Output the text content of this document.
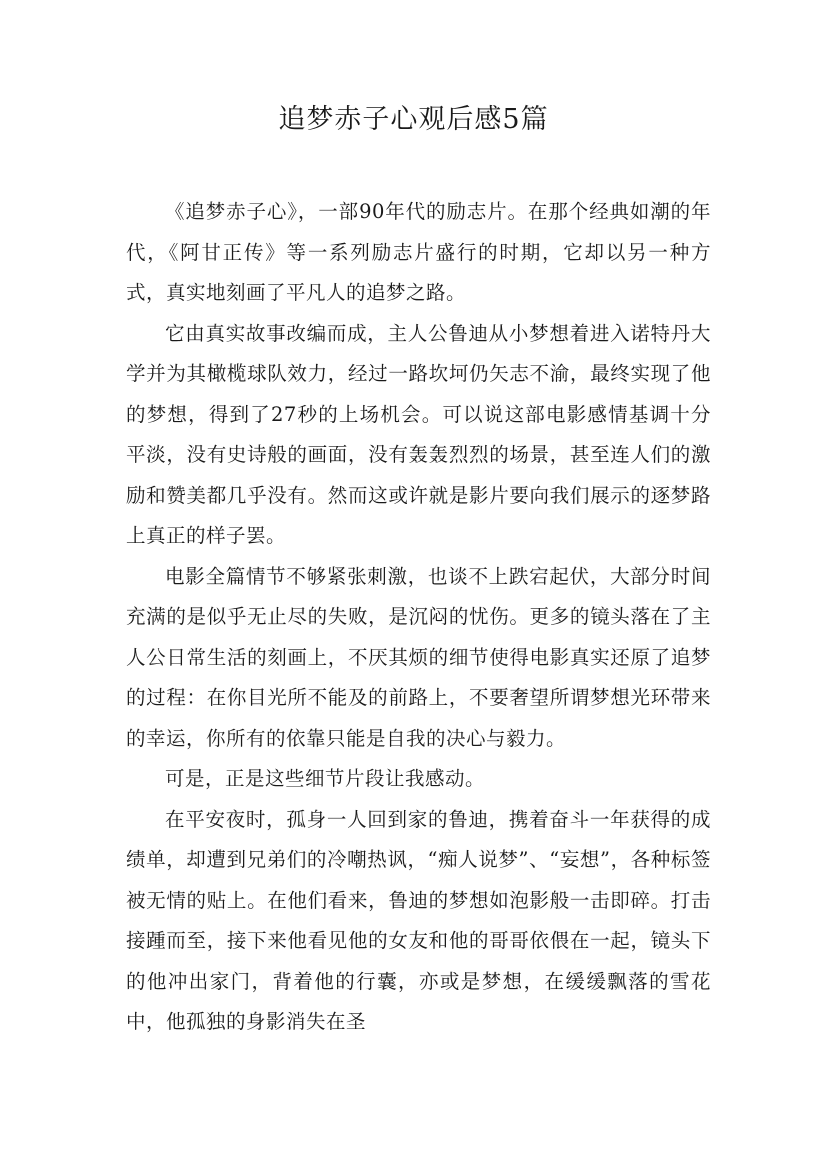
追梦赤子心观后感5篇

《追梦赤子心》，一部90年代的励志片。在那个经典如潮的年代，《阿甘正传》等一系列励志片盛行的时期，它却以另一种方式，真实地刻画了平凡人的追梦之路。

它由真实故事改编而成，主人公鲁迪从小梦想着进入诺特丹大学并为其橄榄球队效力，经过一路坎坷仍矢志不渝，最终实现了他的梦想，得到了27秒的上场机会。可以说这部电影感情基调十分平淡，没有史诗般的画面，没有轰轰烈烈的场景，甚至连人们的激励和赞美都几乎没有。然而这或许就是影片要向我们展示的逐梦路上真正的样子罢。

电影全篇情节不够紧张刺激，也谈不上跌宕起伏，大部分时间充满的是似乎无止尽的失败，是沉闷的忧伤。更多的镜头落在了主人公日常生活的刻画上，不厌其烦的细节使得电影真实还原了追梦的过程：在你目光所不能及的前路上，不要奢望所谓梦想光环带来的幸运，你所有的依靠只能是自我的决心与毅力。

可是，正是这些细节片段让我感动。

在平安夜时，孤身一人回到家的鲁迪，携着奋斗一年获得的成绩单，却遭到兄弟们的冷嘲热讽，“痴人说梦”、“妄想”，各种标签被无情的贴上。在他们看来，鲁迪的梦想如泡影般一击即碎。打击接踵而至，接下来他看见他的女友和他的哥哥依偎在一起，镜头下的他冲出家门，背着他的行囊，亦或是梦想，在缓缓飘落的雪花中，他孤独的身影消失在圣
